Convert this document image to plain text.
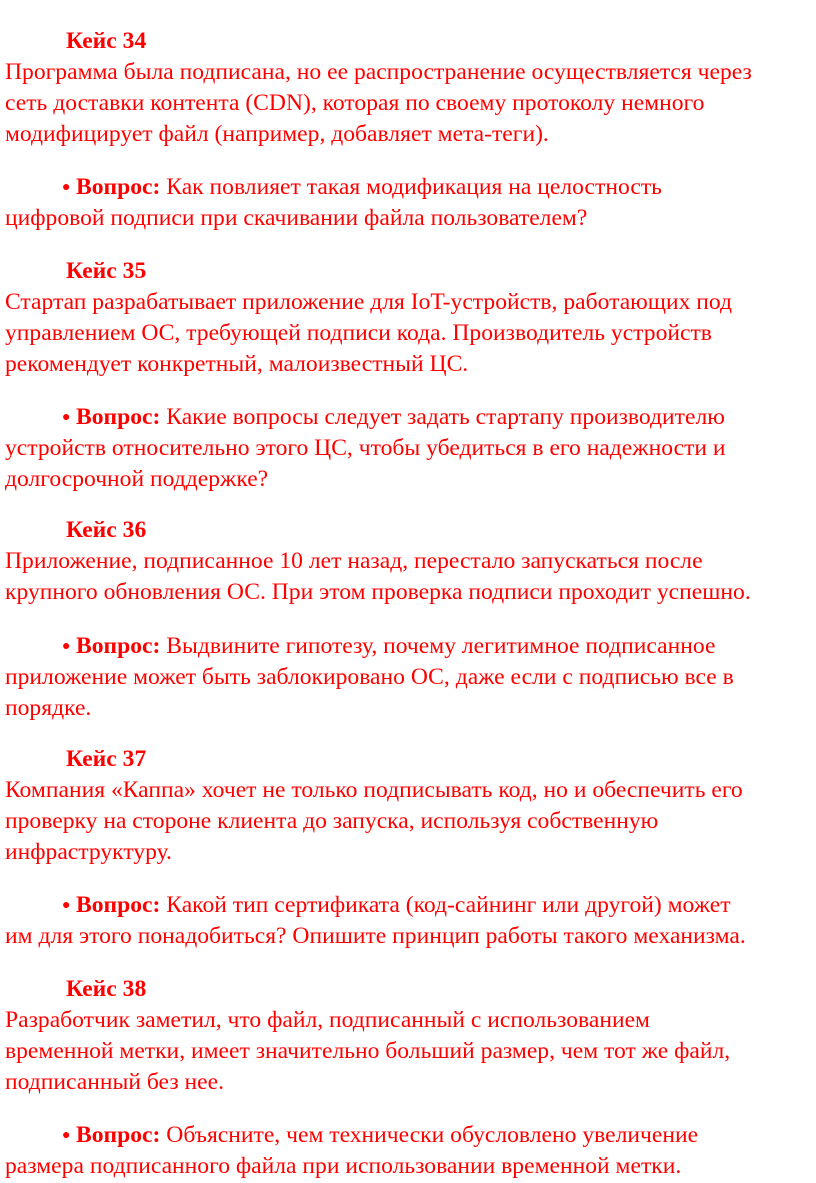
Кейс 34
Программа была подписана, но ее распространение осуществляется через
сеть доставки контента (CDN), которая по своему протоколу немного
модифицирует файл (например, добавляет мета-теги).
● Вопрос: Как повлияет такая модификация на целостность
цифровой подписи при скачивании файла пользователем?
Кейс 35
Стартап разрабатывает приложение для IoT-устройств, работающих под
управлением ОС, требующей подписи кода. Производитель устройств
рекомендует конкретный, малоизвестный ЦС.
● Вопрос: Какие вопросы следует задать стартапу производителю
устройств относительно этого ЦС, чтобы убедиться в его надежности и
долгосрочной поддержке?
Кейс 36
Приложение, подписанное 10 лет назад, перестало запускаться после
крупного обновления ОС. При этом проверка подписи проходит успешно.
● Вопрос: Выдвините гипотезу, почему легитимное подписанное
приложение может быть заблокировано ОС, даже если с подписью все в
порядке.
Кейс 37
Компания «Каппа» хочет не только подписывать код, но и обеспечить его
проверку на стороне клиента до запуска, используя собственную
инфраструктуру.
● Вопрос: Какой тип сертификата (код-сайнинг или другой) может
им для этого понадобиться? Опишите принцип работы такого механизма.
Кейс 38
Разработчик заметил, что файл, подписанный с использованием
временной метки, имеет значительно больший размер, чем тот же файл,
подписанный без нее.
● Вопрос: Объясните, чем технически обусловлено увеличение
размера подписанного файла при использовании временной метки.
